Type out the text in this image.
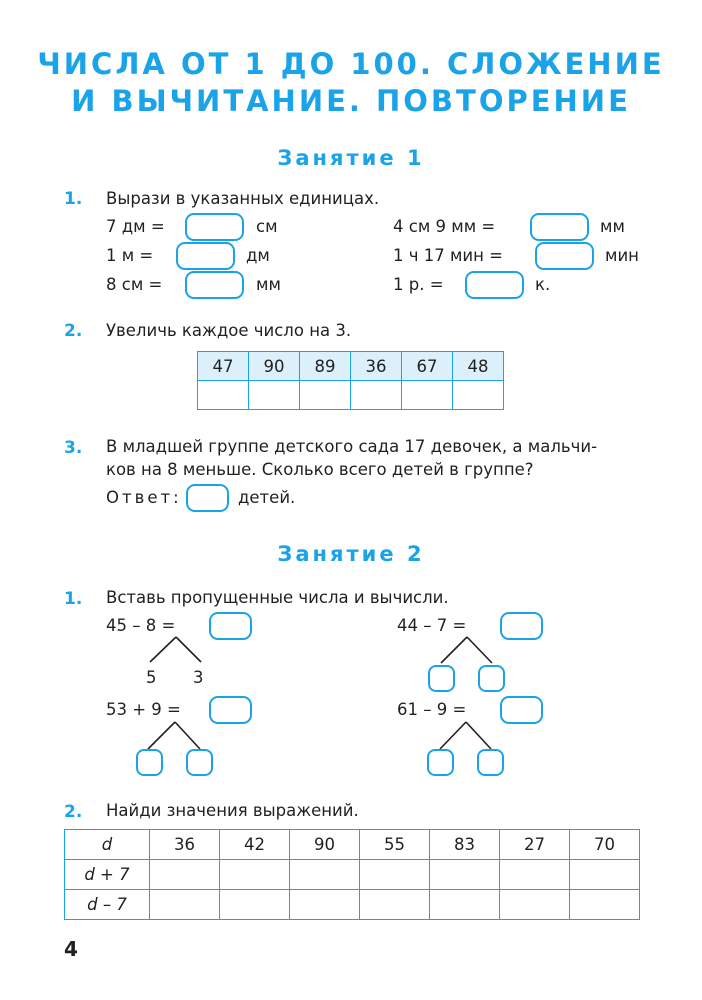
ЧИСЛА ОТ 1 ДО 100. СЛОЖЕНИЕ
И ВЫЧИТАНИЕ. ПОВТОРЕНИЕ
Занятие 1
1. Вырази в указанных единицах.
7 дм =	см
1 м =	дм
8 см =	мм
4 см 9 мм =	мм
1 ч 17 мин =	мин
1 р. =	к.
2. Увеличь каждое число на 3.
47	90	89	36	67	48

3. В младшей группе детского сада 17 девочек, а мальчи-
ков на 8 меньше. Сколько всего детей в группе?
Ответ:	детей.
Занятие 2
1. Вставь пропущенные числа и вычисли.
45 – 8 =
5 3
53 + 9 =
44 – 7 =
61 – 9 =
2. Найди значения выражений.
d	36	42	90	55	83	27	70
d + 7							
d – 7							
4
